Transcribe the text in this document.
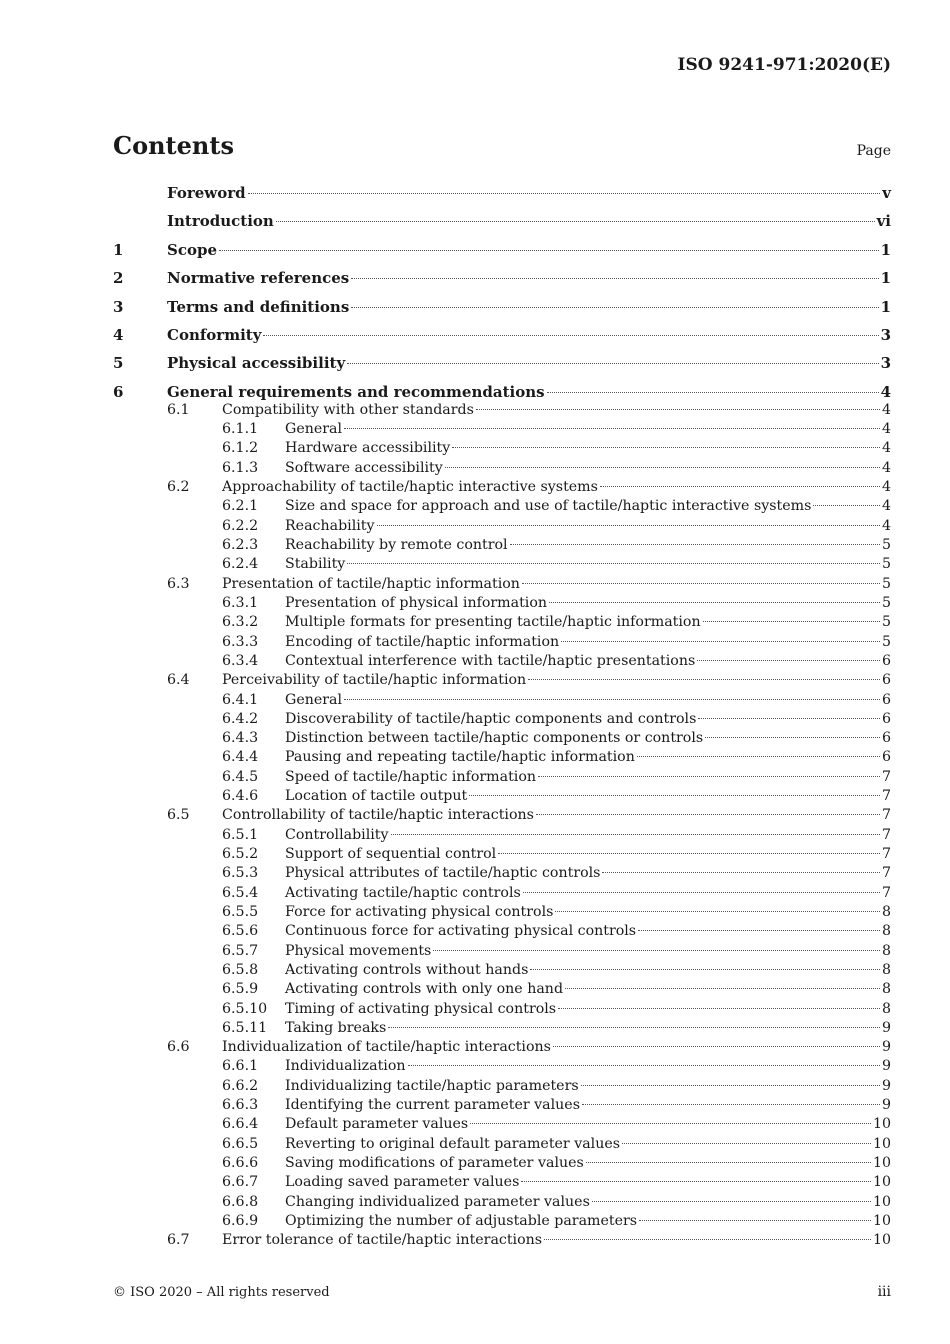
ISO 9241-971:2020(E)
Contents	Page
Foreword	v
Introduction	vi
1	Scope	1
2	Normative references	1
3	Terms and definitions	1
4	Conformity	3
5	Physical accessibility	3
6	General requirements and recommendations	4
6.1	Compatibility with other standards	4
6.1.1	General	4
6.1.2	Hardware accessibility	4
6.1.3	Software accessibility	4
6.2	Approachability of tactile/haptic interactive systems	4
6.2.1	Size and space for approach and use of tactile/haptic interactive systems	4
6.2.2	Reachability	4
6.2.3	Reachability by remote control	5
6.2.4	Stability	5
6.3	Presentation of tactile/haptic information	5
6.3.1	Presentation of physical information	5
6.3.2	Multiple formats for presenting tactile/haptic information	5
6.3.3	Encoding of tactile/haptic information	5
6.3.4	Contextual interference with tactile/haptic presentations	6
6.4	Perceivability of tactile/haptic information	6
6.4.1	General	6
6.4.2	Discoverability of tactile/haptic components and controls	6
6.4.3	Distinction between tactile/haptic components or controls	6
6.4.4	Pausing and repeating tactile/haptic information	6
6.4.5	Speed of tactile/haptic information	7
6.4.6	Location of tactile output	7
6.5	Controllability of tactile/haptic interactions	7
6.5.1	Controllability	7
6.5.2	Support of sequential control	7
6.5.3	Physical attributes of tactile/haptic controls	7
6.5.4	Activating tactile/haptic controls	7
6.5.5	Force for activating physical controls	8
6.5.6	Continuous force for activating physical controls	8
6.5.7	Physical movements	8
6.5.8	Activating controls without hands	8
6.5.9	Activating controls with only one hand	8
6.5.10	Timing of activating physical controls	8
6.5.11	Taking breaks	9
6.6	Individualization of tactile/haptic interactions	9
6.6.1	Individualization	9
6.6.2	Individualizing tactile/haptic parameters	9
6.6.3	Identifying the current parameter values	9
6.6.4	Default parameter values	10
6.6.5	Reverting to original default parameter values	10
6.6.6	Saving modifications of parameter values	10
6.6.7	Loading saved parameter values	10
6.6.8	Changing individualized parameter values	10
6.6.9	Optimizing the number of adjustable parameters	10
6.7	Error tolerance of tactile/haptic interactions	10
© ISO 2020 – All rights reserved	iii
